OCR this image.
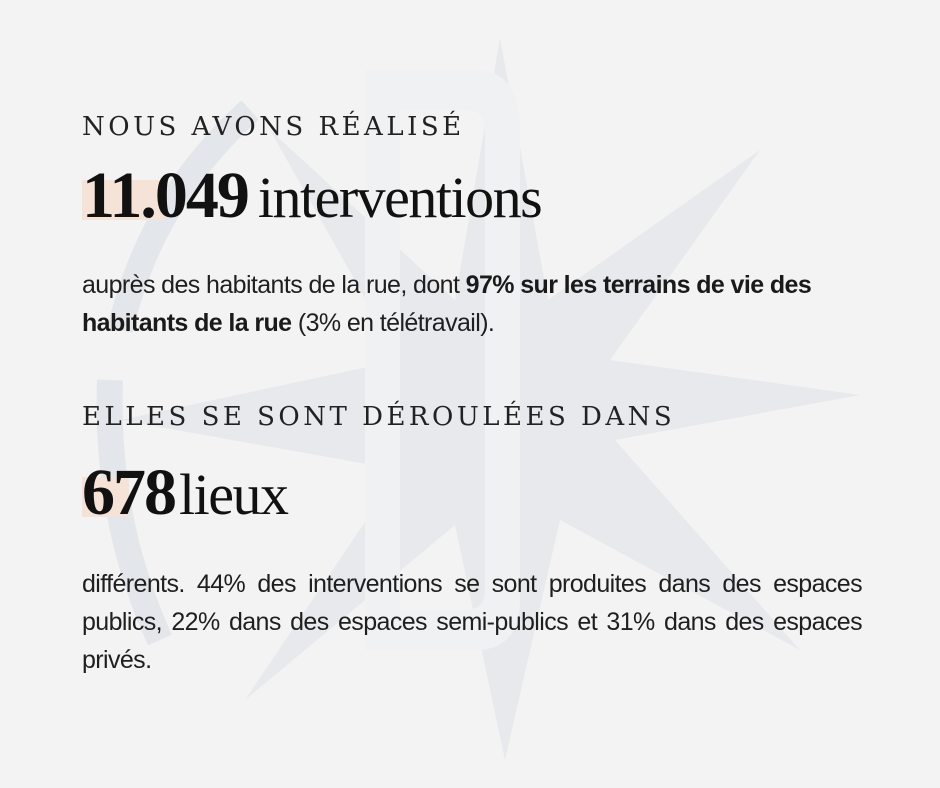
NOUS AVONS RÉALISÉ
11.049 interventions
auprès des habitants de la rue, dont 97% sur les terrains de vie des habitants de la rue (3% en télétravail).
ELLES SE SONT DÉROULÉES DANS
678lieux
différents. 44% des interventions se sont produites dans des espaces publics, 22% dans des espaces semi-publics et 31% dans des espaces privés.
